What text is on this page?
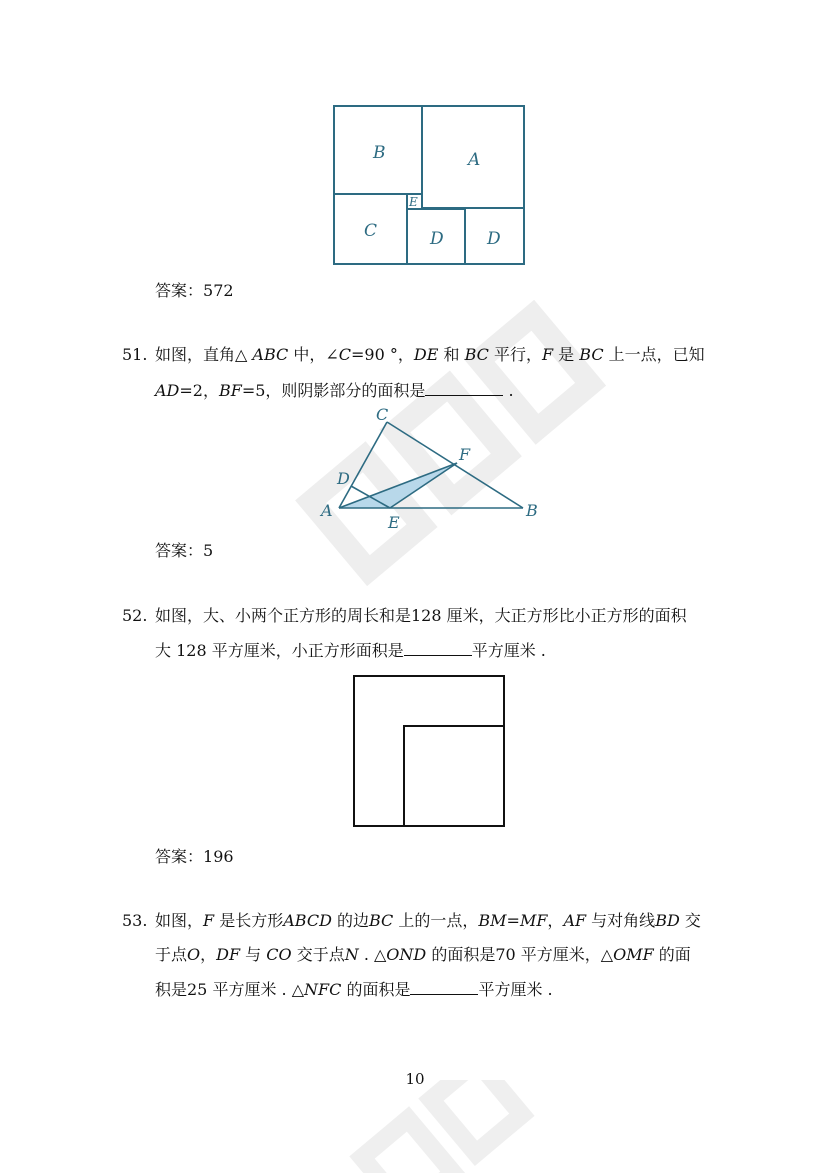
B	A
E
C	D	D
答案：572
51. 如图，直角△ ABC 中，∠C=90 °，DE 和 BC 平行，F 是 BC 上一点，已知
AD=2，BF=5，则阴影部分的面积是	.
C
F
D
A
E
B
答案：5
52. 如图，大、小两个正方形的周长和是128 厘米，大正方形比小正方形的面积
大 128 平方厘米，小正方形面积是	平方厘米 .
答案：196
53. 如图，F 是长方形ABCD 的边BC 上的一点，BM=MF，AF 与对角线BD 交
于点O，DF 与 CO 交于点N . △OND 的面积是70 平方厘米，△OMF 的面
积是25 平方厘米 . △NFC 的面积是	平方厘米 .
10
